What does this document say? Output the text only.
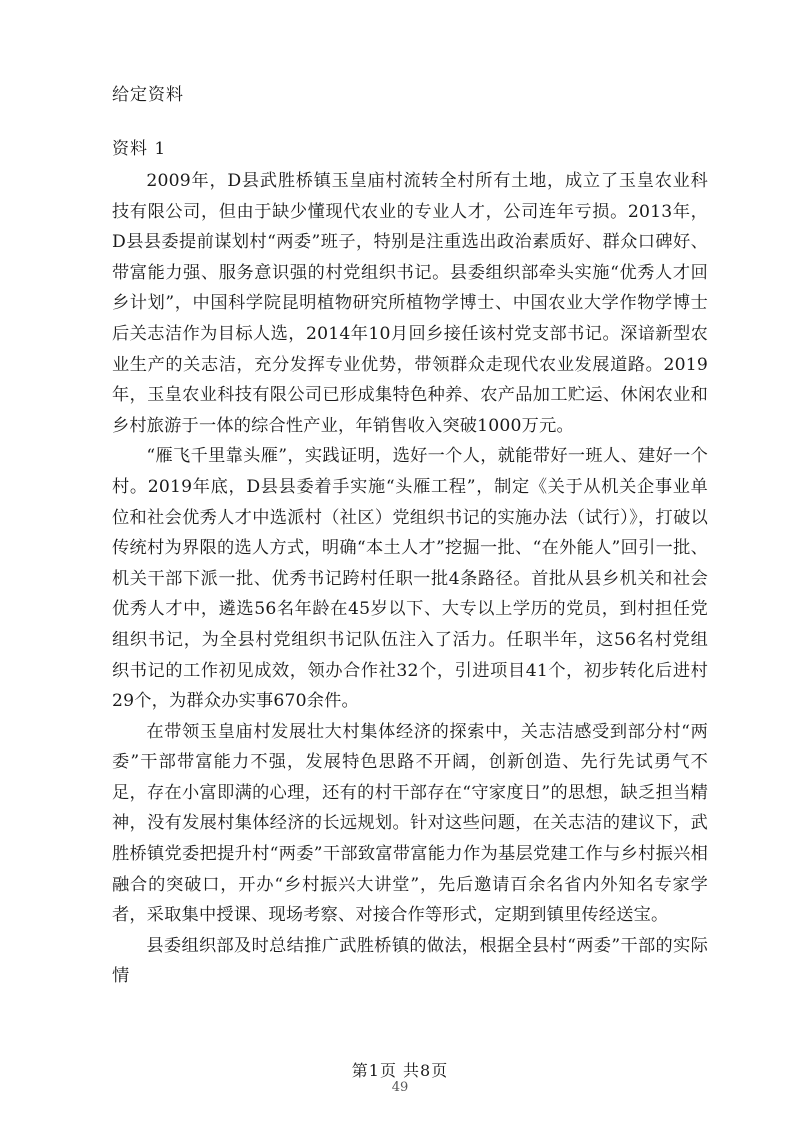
给定资料
资料 1

2009年，D县武胜桥镇玉皇庙村流转全村所有土地，成立了玉皇农业科技有限公司，但由于缺少懂现代农业的专业人才，公司连年亏损。2013年，D县县委提前谋划村“两委”班子，特别是注重选出政治素质好、群众口碑好、带富能力强、服务意识强的村党组织书记。县委组织部牵头实施“优秀人才回乡计划”，中国科学院昆明植物研究所植物学博士、中国农业大学作物学博士后关志洁作为目标人选，2014年10月回乡接任该村党支部书记。深谙新型农业生产的关志洁，充分发挥专业优势，带领群众走现代农业发展道路。2019年，玉皇农业科技有限公司已形成集特色种养、农产品加工贮运、休闲农业和乡村旅游于一体的综合性产业，年销售收入突破1000万元。

“雁飞千里靠头雁”，实践证明，选好一个人，就能带好一班人、建好一个村。2019年底，D县县委着手实施“头雁工程”，制定《关于从机关企事业单位和社会优秀人才中选派村（社区）党组织书记的实施办法（试行）》，打破以传统村为界限的选人方式，明确“本土人才”挖掘一批、“在外能人”回引一批、机关干部下派一批、优秀书记跨村任职一批4条路径。首批从县乡机关和社会优秀人才中，遴选56名年龄在45岁以下、大专以上学历的党员，到村担任党组织书记，为全县村党组织书记队伍注入了活力。任职半年，这56名村党组织书记的工作初见成效，领办合作社32个，引进项目41个，初步转化后进村29个，为群众办实事670余件。

在带领玉皇庙村发展壮大村集体经济的探索中，关志洁感受到部分村“两委”干部带富能力不强，发展特色思路不开阔，创新创造、先行先试勇气不足，存在小富即满的心理，还有的村干部存在“守家度日”的思想，缺乏担当精神，没有发展村集体经济的长远规划。针对这些问题，在关志洁的建议下，武胜桥镇党委把提升村“两委”干部致富带富能力作为基层党建工作与乡村振兴相融合的突破口，开办“乡村振兴大讲堂”，先后邀请百余名省内外知名专家学者，采取集中授课、现场考察、对接合作等形式，定期到镇里传经送宝。

县委组织部及时总结推广武胜桥镇的做法，根据全县村“两委”干部的实际情

第1页 共8页
49
